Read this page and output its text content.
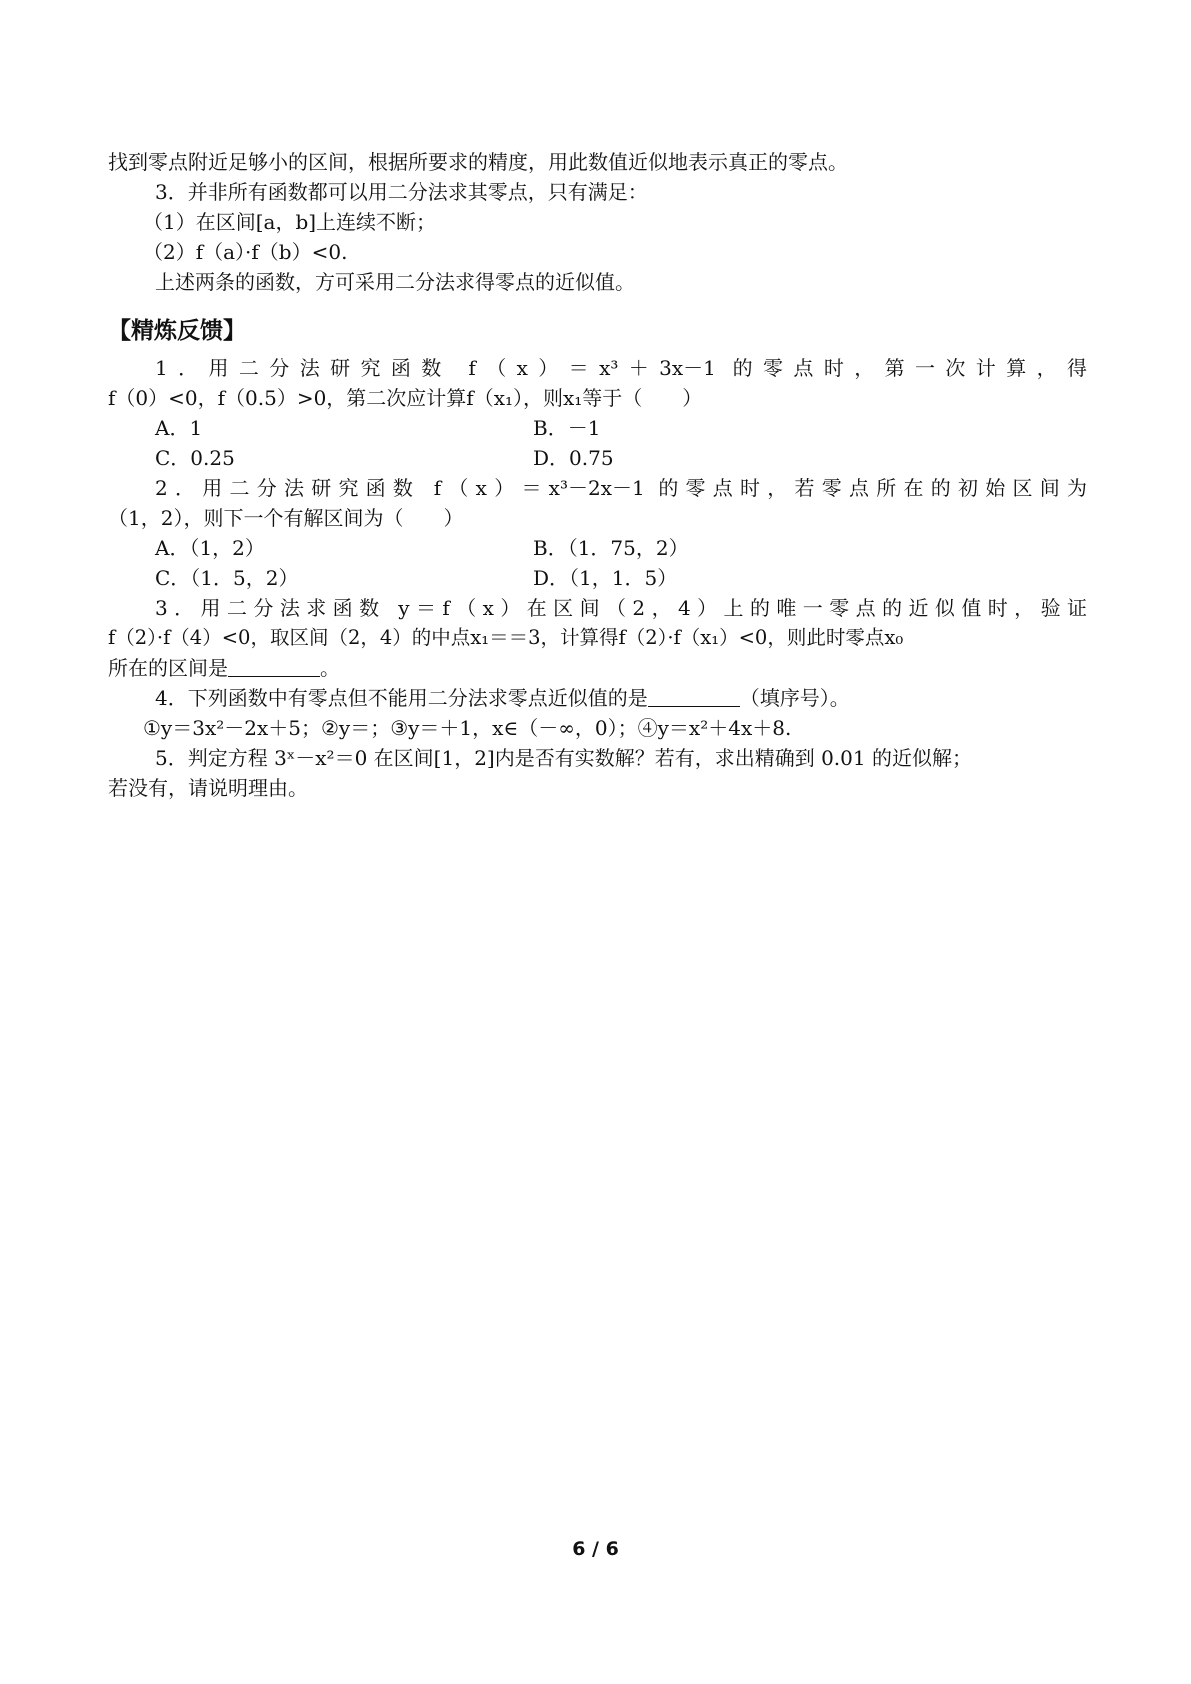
找到零点附近足够小的区间，根据所要求的精度，用此数值近似地表示真正的零点。
3．并非所有函数都可以用二分法求其零点，只有满足：
（1）在区间[a，b]上连续不断；
（2）f（a）·f（b）<0.
上述两条的函数，方可采用二分法求得零点的近似值。
【精炼反馈】
1．用二分法研究函数 f（x）＝x³＋3x－1 的零点时，第一次计算，得
f（0）<0，f（0.5）>0，第二次应计算f（x₁），则x₁等于（　　）
A．1	B．－1
C．0.25	D．0.75
2．用二分法研究函数 f（x）＝x³－2x－1 的零点时，若零点所在的初始区间为
（1，2），则下一个有解区间为（　　）
A．（1，2）	B．（1．75，2）
C．（1．5，2）	D．（1，1．5）
3．用二分法求函数 y＝f（x）在区间（2，4）上的唯一零点的近似值时，验证
f（2）·f（4）<0，取区间（2，4）的中点x₁＝＝3，计算得f（2）·f（x₁）<0，则此时零点x₀
所在的区间是	。
4．下列函数中有零点但不能用二分法求零点近似值的是	（填序号）。
①y＝3x²－2x＋5；②y＝；③y＝＋1，x∈（－∞，0）；④y＝x²＋4x＋8.
5．判定方程 3ˣ－x²＝0 在区间[1，2]内是否有实数解？若有，求出精确到 0.01 的近似解；
若没有，请说明理由。
6 / 6
